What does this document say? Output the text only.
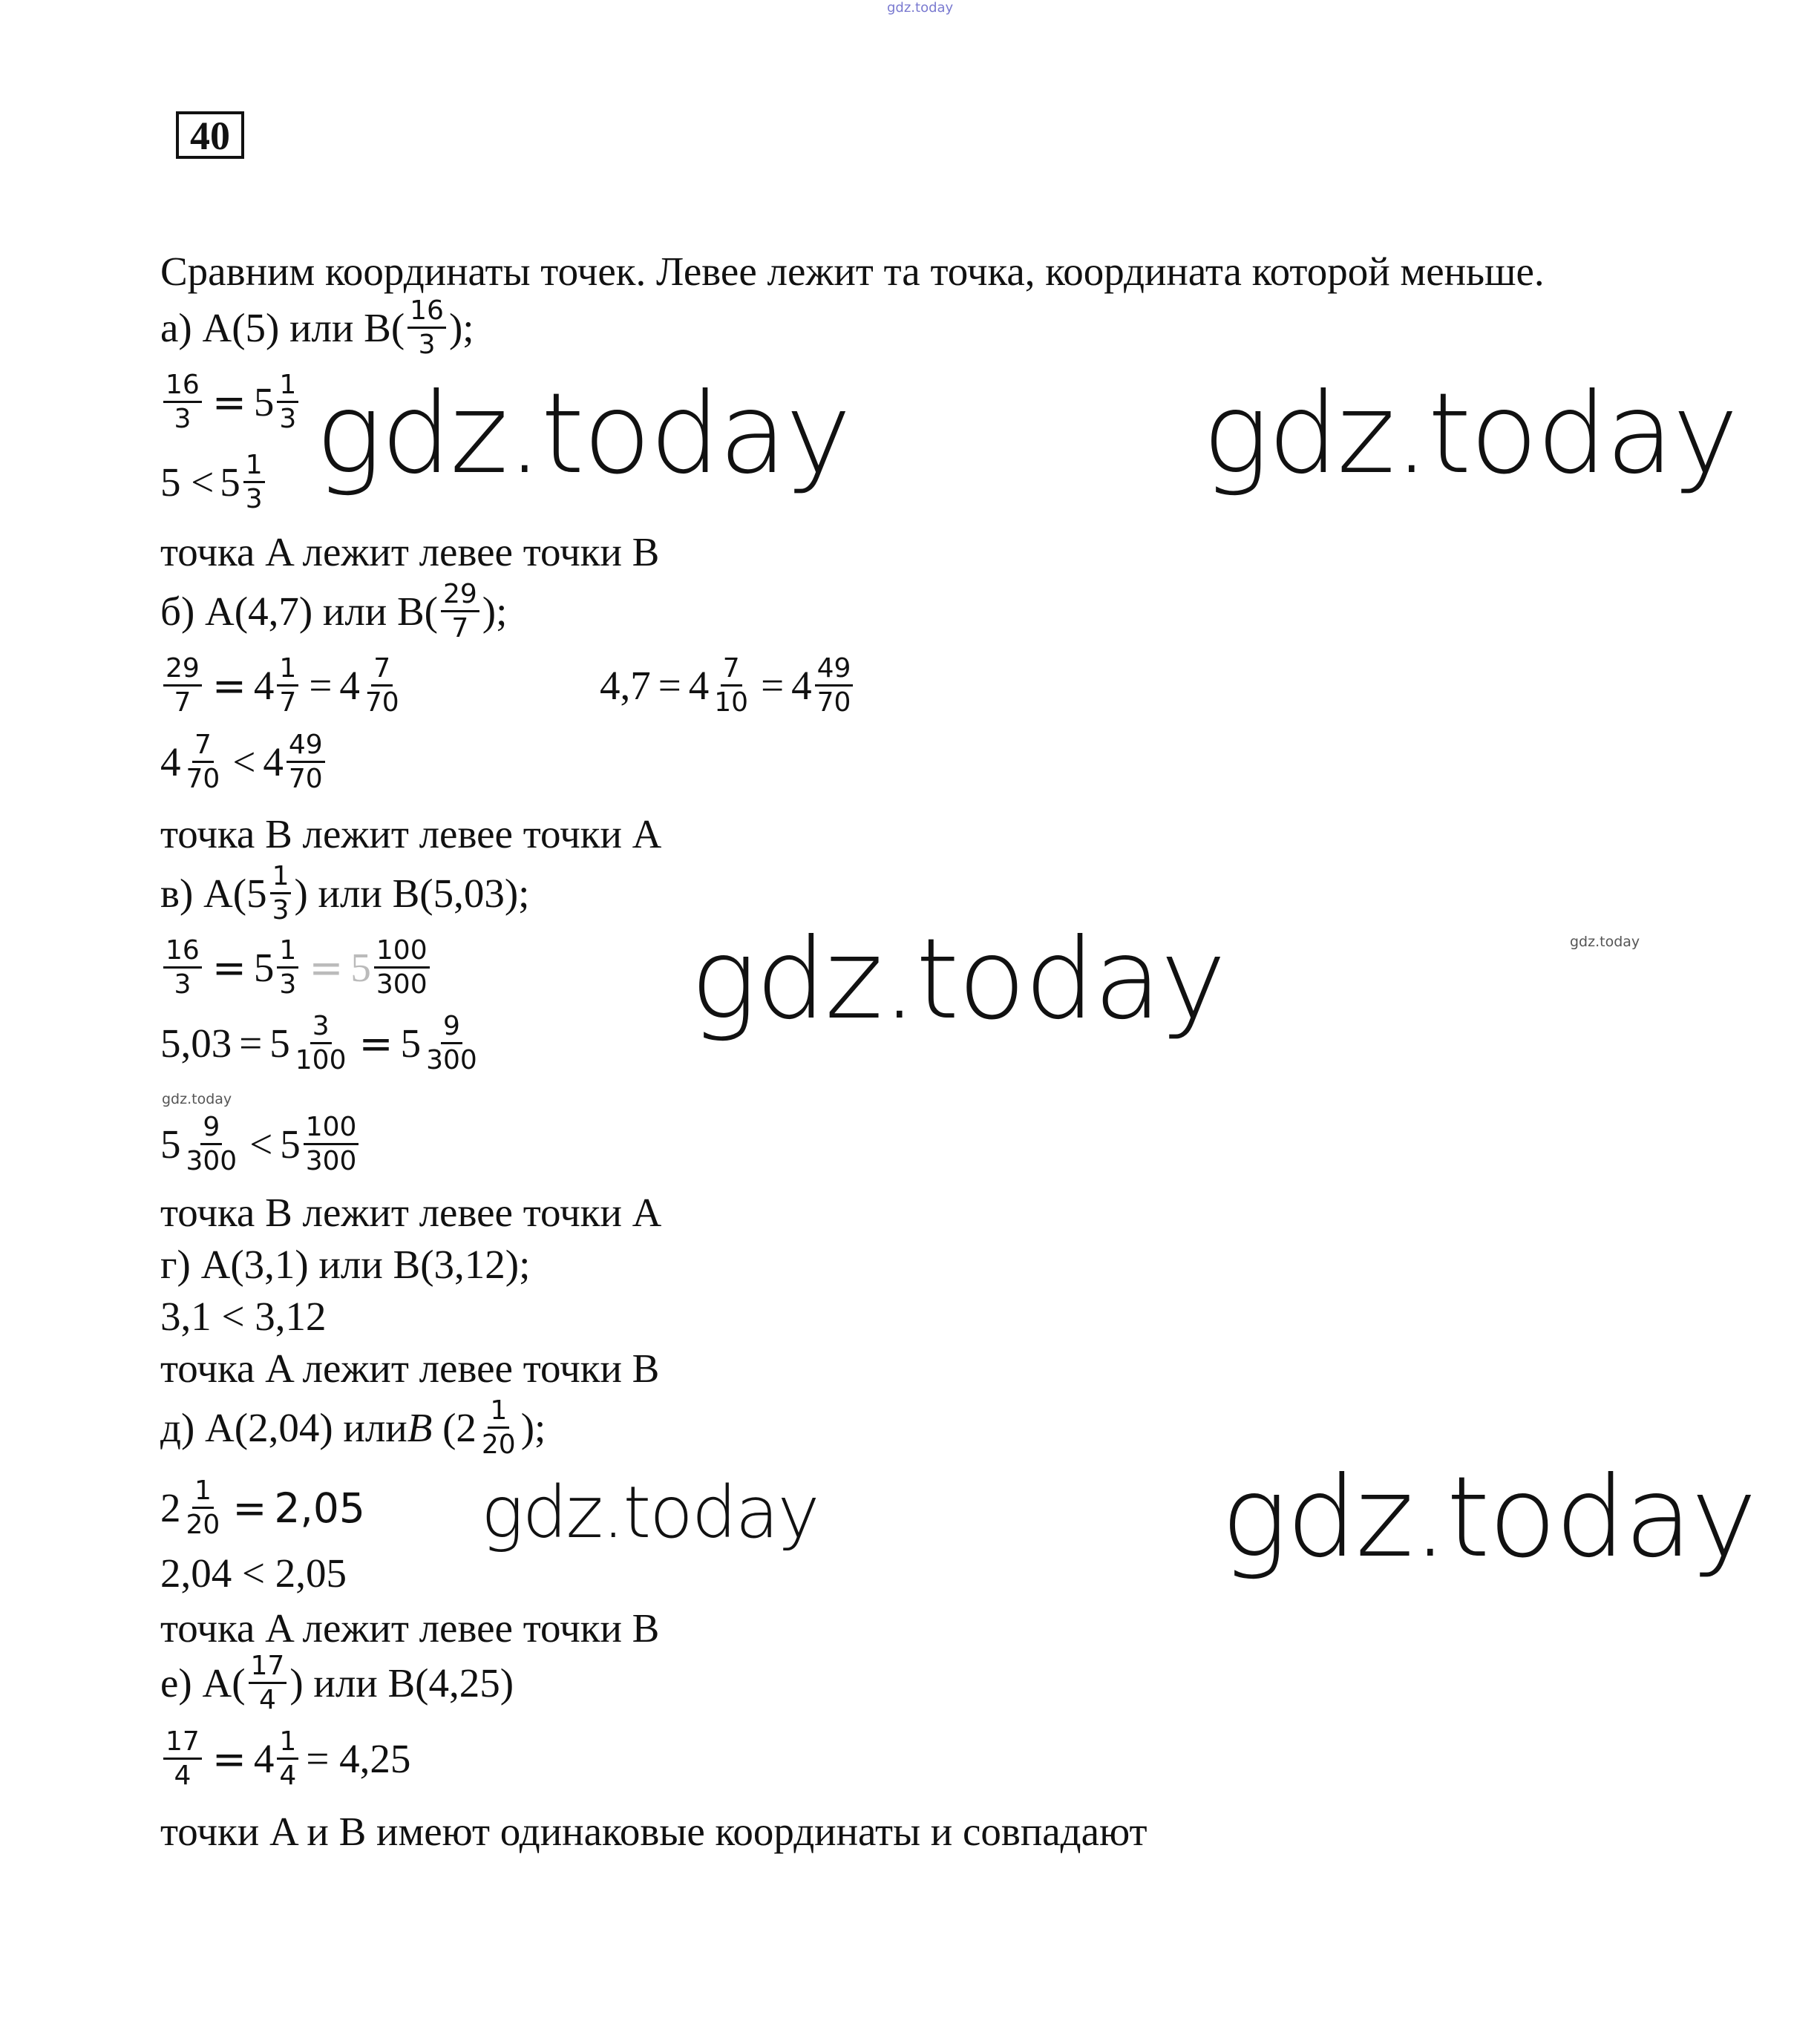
gdz.today
gdz.today	gdz.today
gdz.today
gdz.today	gdz.today
gdz.today
gdz.today
40
Сравним координаты точек. Левее лежит та точка, координата которой меньше.
а) A(5) или $B( \frac{16}{3}$ );
$\frac{16}{3} = 5 \frac{1}{3}$
$5 < 5 \frac{1}{3}$
точка A лежит левее точки B
б) A(4,7) или $B( \frac{29}{7}$ );
$\frac{29}{7} = 4 \frac{1}{7} = 4 \frac{7}{70}$	$4,7 = 4 \frac{7}{10} = 4 \frac{49}{70}$
$4 \frac{7}{70} < 4 \frac{49}{70}$
точка B лежит левее точки A
в) $A(5 \frac{1}{3}$ ) или B(5,03);
$\frac{16}{3} = 5 \frac{1}{3} = 5 \frac{100}{300}$
$5,03 = 5 \frac{3}{100} = 5 \frac{9}{300}$
$5 \frac{9}{300} < 5 \frac{100}{300}$
точка B лежит левее точки A
г) A(3,1) или B(3,12);
3,1 < 3,12
точка A лежит левее точки B
д) A(2,04) или B ($2 \frac{1}{20}$ );
$2 \frac{1}{20} = 2,05$
2,04 < 2,05
точка A лежит левее точки B
е) $A( \frac{17}{4}$ ) или B(4,25)
$\frac{17}{4} = 4 \frac{1}{4} = 4,25$
точки A и B имеют одинаковые координаты и совпадают
